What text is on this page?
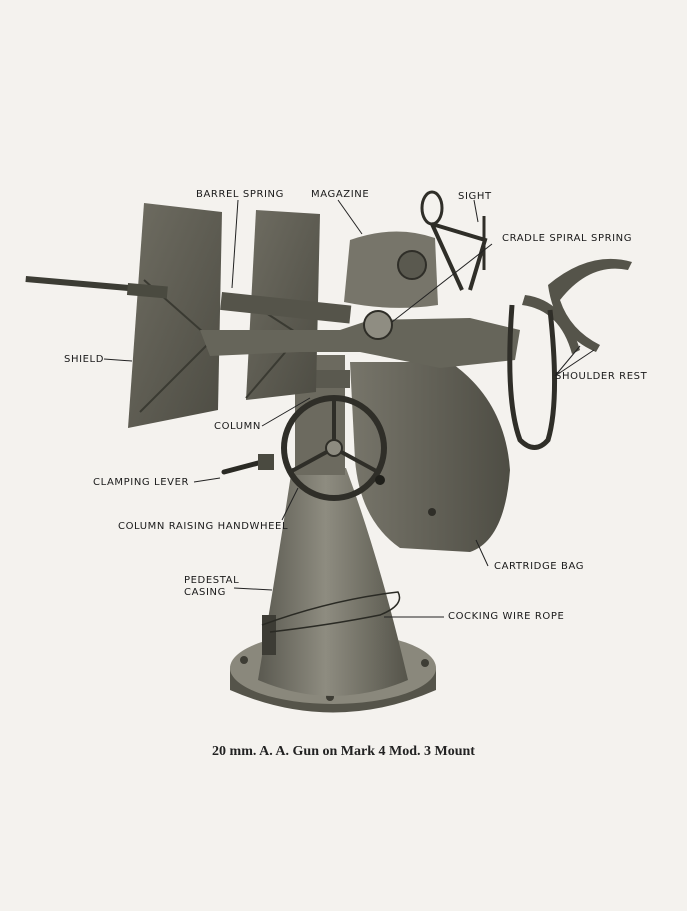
BARREL SPRING	MAGAZINE	SIGHT
CRADLE SPIRAL SPRING
SHIELD
SHOULDER REST
COLUMN
CLAMPING LEVER
COLUMN RAISING HANDWHEEL
CARTRIDGE BAG
PEDESTAL
CASING
COCKING WIRE ROPE
20 mm. A. A. Gun on Mark 4 Mod. 3 Mount
